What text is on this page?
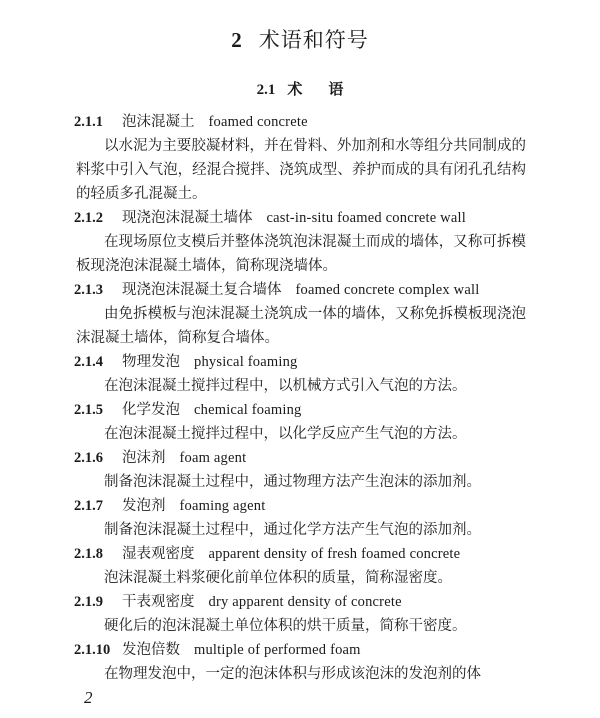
2 术语和符号
2.1 术 语
2.1.1 泡沫混凝土 foamed concrete
以水泥为主要胶凝材料，并在骨料、外加剂和水等组分共同制成的料浆中引入气泡，经混合搅拌、浇筑成型、养护而成的具有闭孔孔结构的轻质多孔混凝土。
2.1.2 现浇泡沫混凝土墙体 cast-in-situ foamed concrete wall
在现场原位支模后并整体浇筑泡沫混凝土而成的墙体，又称可拆模板现浇泡沫混凝土墙体，简称现浇墙体。
2.1.3 现浇泡沫混凝土复合墙体 foamed concrete complex wall
由免拆模板与泡沫混凝土浇筑成一体的墙体，又称免拆模板现浇泡沫混凝土墙体，简称复合墙体。
2.1.4 物理发泡 physical foaming
在泡沫混凝土搅拌过程中，以机械方式引入气泡的方法。
2.1.5 化学发泡 chemical foaming
在泡沫混凝土搅拌过程中，以化学反应产生气泡的方法。
2.1.6 泡沫剂 foam agent
制备泡沫混凝土过程中，通过物理方法产生泡沫的添加剂。
2.1.7 发泡剂 foaming agent
制备泡沫混凝土过程中，通过化学方法产生气泡的添加剂。
2.1.8 湿表观密度 apparent density of fresh foamed concrete
泡沫混凝土料浆硬化前单位体积的质量，简称湿密度。
2.1.9 干表观密度 dry apparent density of concrete
硬化后的泡沫混凝土单位体积的烘干质量，简称干密度。
2.1.10 发泡倍数 multiple of performed foam
在物理发泡中，一定的泡沫体积与形成该泡沫的发泡剂的体
2
